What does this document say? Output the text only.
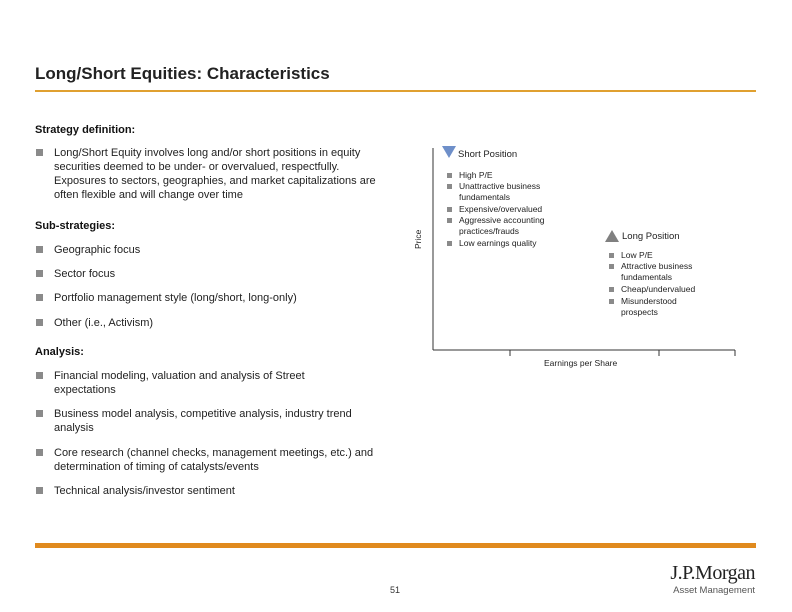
Long/Short Equities: Characteristics
Strategy definition:
Long/Short Equity involves long and/or short positions in equity securities deemed to be under- or overvalued, respectfully. Exposures to sectors, geographies, and market capitalizations are often flexible and will change over time
Sub-strategies:
Geographic focus
Sector focus
Portfolio management style (long/short, long-only)
Other (i.e., Activism)
Analysis:
Financial modeling, valuation and analysis of Street expectations
Business model analysis, competitive analysis, industry trend analysis
Core research (channel checks, management meetings, etc.) and determination of timing of catalysts/events
Technical analysis/investor sentiment
Price
Earnings per Share
Short Position
High P/E
Unattractive business fundamentals
Expensive/overvalued
Aggressive accounting practices/frauds
Low earnings quality
Long Position
Low P/E
Attractive business fundamentals
Cheap/undervalued
Misunderstood prospects
51
J.P.Morgan
Asset Management
